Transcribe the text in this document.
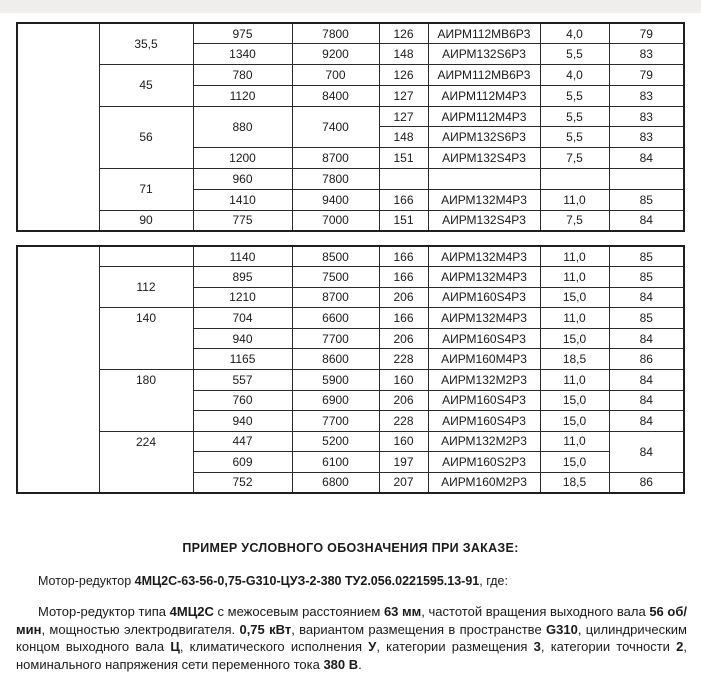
	35,5	975	7800	126	АИРМ112МВ6Р3	4,0	79
		1340	9200	148	АИРМ132S6Р3	5,5	83
	45	780	700	126	АИРМ112МВ6Р3	4,0	79
		1120	8400	127	АИРМ112М4Р3	5,5	83
	56	880	7400	127	АИРМ112М4Р3	5,5	83
				148	АИРМ132S6Р3	5,5	83
		1200	8700	151	АИРМ132S4Р3	7,5	84
	71	960	7800				
		1410	9400	166	АИРМ132М4Р3	11,0	85
	90	775	7000	151	АИРМ132S4Р3	7,5	84
		1140	8500	166	АИРМ132М4Р3	11,0	85
	112	895	7500	166	АИРМ132М4Р3	11,0	85
		1210	8700	206	АИРМ160S4Р3	15,0	84
	140	704	6600	166	АИРМ132М4Р3	11,0	85
		940	7700	206	АИРМ160S4Р3	15,0	84
		1165	8600	228	АИРМ160М4Р3	18,5	86
	180	557	5900	160	АИРМ132М2Р3	11,0	84
		760	6900	206	АИРМ160S4Р3	15,0	84
		940	7700	228	АИРМ160S4Р3	15,0	84
	224	447	5200	160	АИРМ132М2Р3	11,0	84
		609	6100	197	АИРМ160S2Р3	15,0	
		752	6800	207	АИРМ160М2Р3	18,5	86
ПРИМЕР УСЛОВНОГО ОБОЗНАЧЕНИЯ ПРИ ЗАКАЗЕ:
Мотор-редуктор 4МЦ2С-63-56-0,75-G310-ЦУЗ-2-380 ТУ2.056.0221595.13-91, где:
Мотор-редуктор типа 4МЦ2С с межосевым расстоянием 63 мм, частотой вращения выходного вала 56 об/мин, мощностью электродвигателя. 0,75 кВт, вариантом размещения в пространстве G310, цилиндрическим концом выходного вала Ц, климатического исполнения У, категории размещения 3, категории точности 2, номинального напряжения сети переменного тока 380 В.
